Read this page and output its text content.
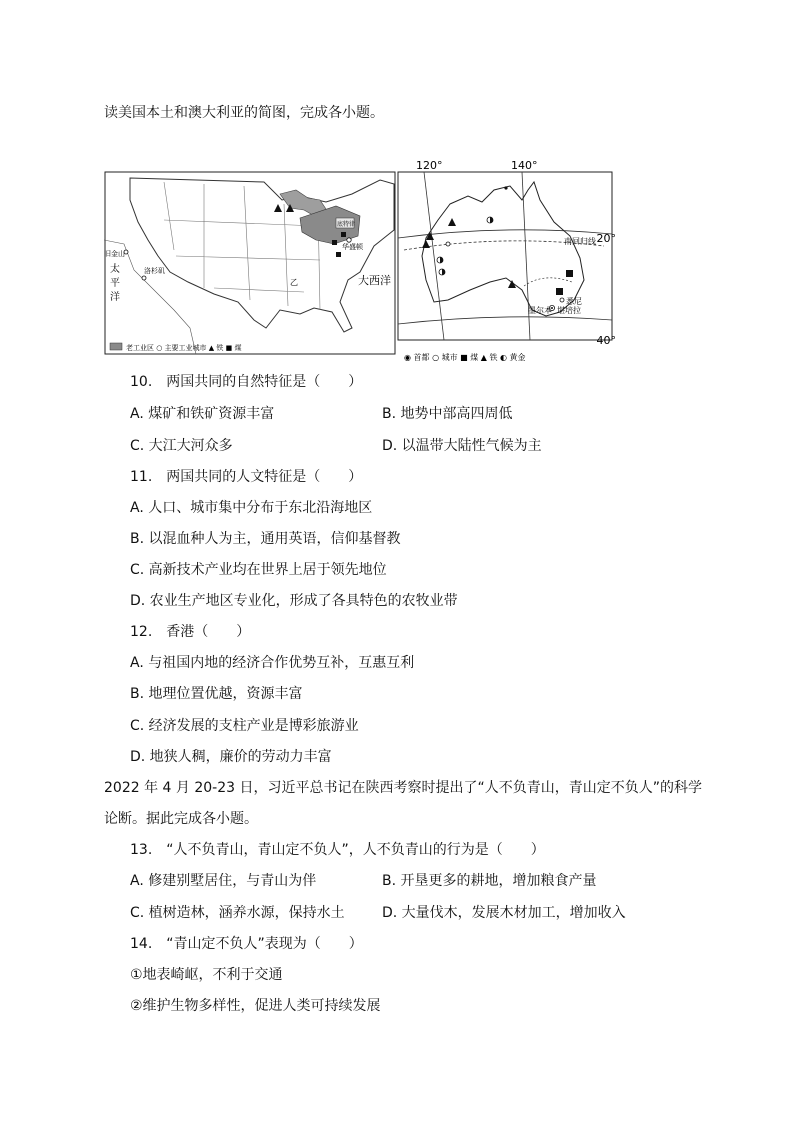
读美国本土和澳大利亚的简图，完成各小题。
底特律
华盛顿
旧金山
洛杉矶
太
平
洋
乙	大西洋
老工业区 ○ 主要工业城市 ▲ 铁 ■ 煤
120°	140°
20°
40°
南回归线
悉尼
堪培拉
墨尔本
◉ 首都 ○ 城市 ■ 煤 ▲ 铁 ◐ 黄金
10.　两国共同的自然特征是（　　）
A. 煤矿和铁矿资源丰富	B. 地势中部高四周低
C. 大江大河众多	D. 以温带大陆性气候为主
11.　两国共同的人文特征是（　　）
A. 人口、城市集中分布于东北沿海地区
B. 以混血种人为主，通用英语，信仰基督教
C. 高新技术产业均在世界上居于领先地位
D. 农业生产地区专业化，形成了各具特色的农牧业带
12.　香港（　　）
A. 与祖国内地的经济合作优势互补，互惠互利
B. 地理位置优越，资源丰富
C. 经济发展的支柱产业是博彩旅游业
D. 地狭人稠，廉价的劳动力丰富
2022 年 4 月 20-23 日，习近平总书记在陕西考察时提出了“人不负青山，青山定不负人”的科学
论断。据此完成各小题。
13.　“人不负青山，青山定不负人”，人不负青山的行为是（　　）
A. 修建别墅居住，与青山为伴	B. 开垦更多的耕地，增加粮食产量
C. 植树造林，涵养水源，保持水土	D. 大量伐木，发展木材加工，增加收入
14.　“青山定不负人”表现为（　　）
①地表崎岖，不利于交通
②维护生物多样性，促进人类可持续发展
